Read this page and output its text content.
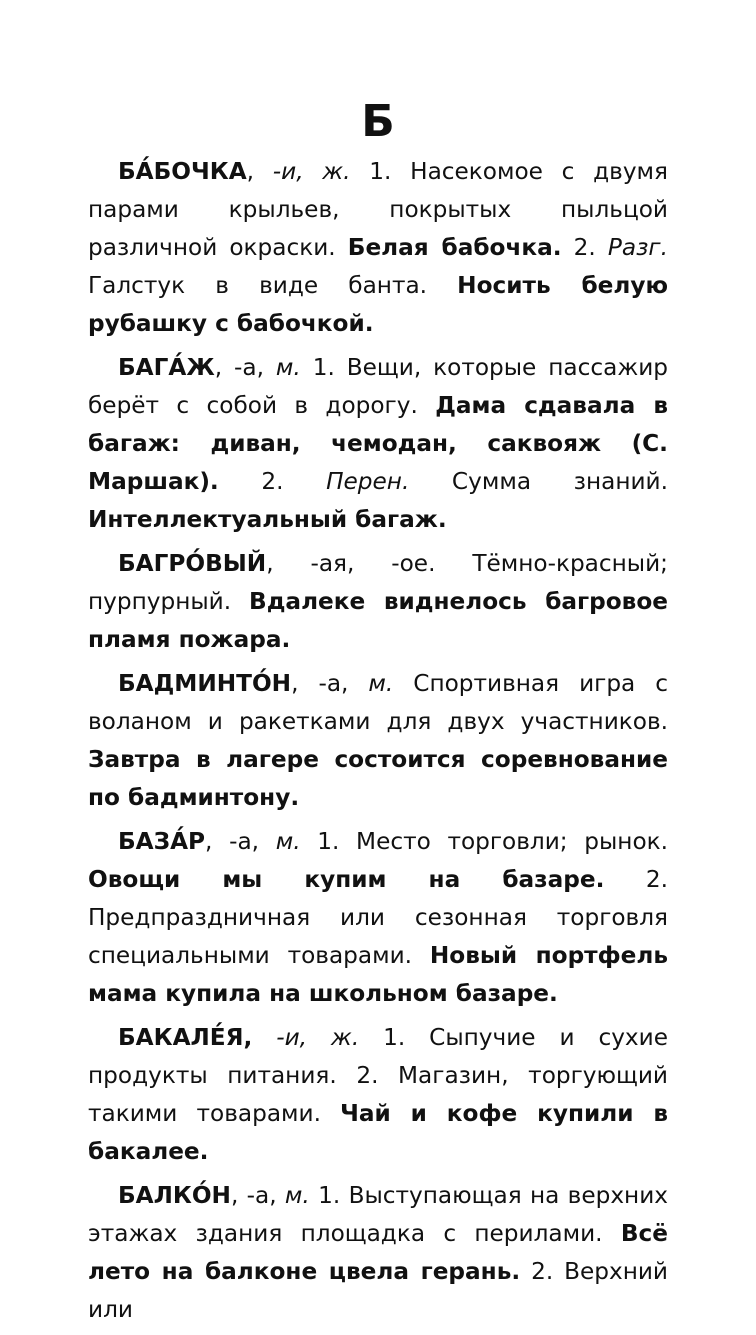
Б

БА́БОЧКА, -и, ж. 1. Насекомое с двумя парами крыльев, покрытых пыльцой различной окраски. Белая бабочка. 2. Разг. Галстук в виде банта. Носить белую рубашку с бабочкой.

БАГА́Ж, -а, м. 1. Вещи, которые пассажир берёт с собой в дорогу. Дама сдавала в багаж: диван, чемодан, саквояж (С. Маршак). 2. Перен. Сумма знаний. Интеллектуальный багаж.

БАГРО́ВЫЙ, -ая, -ое. Тёмно-красный; пурпурный. Вдалеке виднелось багровое пламя пожара.

БАДМИНТО́Н, -а, м. Спортивная игра с воланом и ракетками для двух участников. Завтра в лагере состоится соревнование по бадминтону.

БАЗА́Р, -а, м. 1. Место торговли; рынок. Овощи мы купим на базаре. 2. Предпраздничная или сезонная торговля специальными товарами. Новый портфель мама купила на школьном базаре.

БАКАЛЕ́Я, -и, ж. 1. Сыпучие и сухие продукты питания. 2. Магазин, торгующий такими товарами. Чай и кофе купили в бакалее.

БАЛКО́Н, -а, м. 1. Выступающая на верхних этажах здания площадка с перилами. Всё лето на балконе цвела герань. 2. Верхний или
